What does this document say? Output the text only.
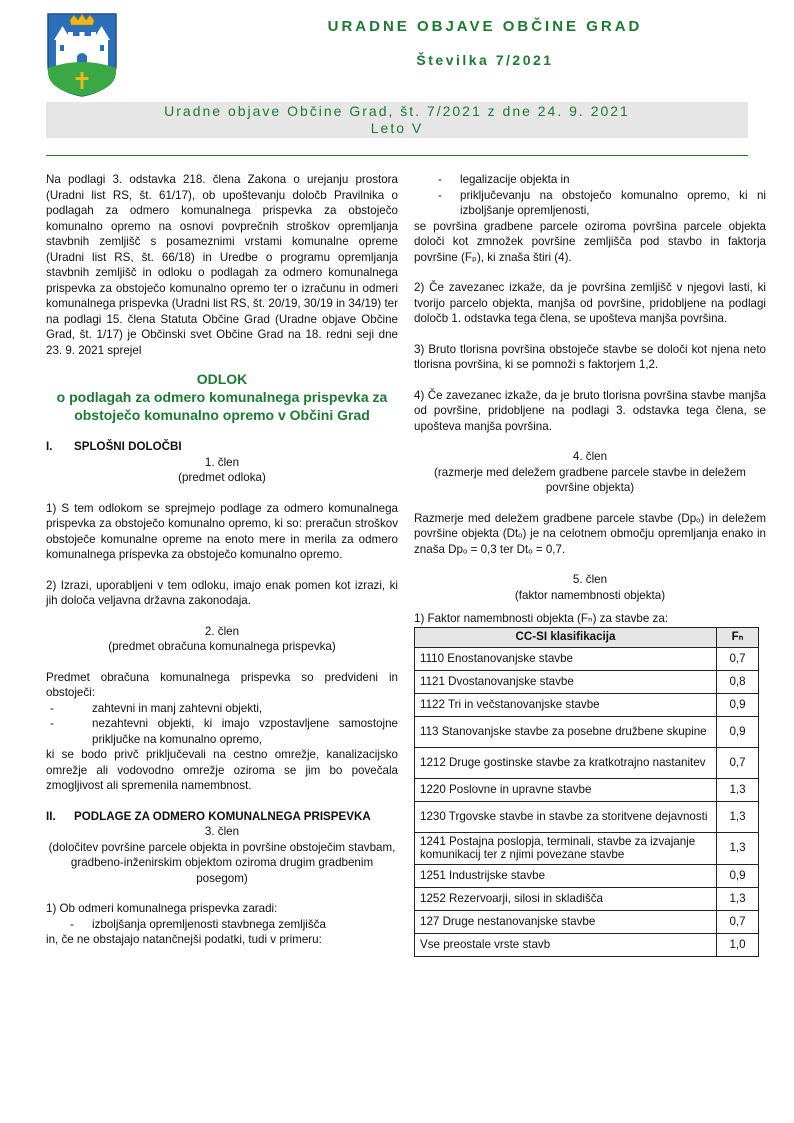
URADNE OBJAVE OBČINE GRAD
Številka 7/2021
Uradne objave Občine Grad, št. 7/2021 z dne 24. 9. 2021
Leto V

Na podlagi 3. odstavka 218. člena Zakona o urejanju prostora (Uradni list RS, št. 61/17), ob upoštevanju določb Pravilnika o podlagah za odmero komunalnega prispevka za obstoječo komunalno opremo na osnovi povprečnih stroškov opremljanja stavbnih zemljišč s posameznimi vrstami komunalne opreme (Uradni list RS, št. 66/18) in Uredbe o programu opremljanja stavbnih zemljišč in odloku o podlagah za odmero komunalnega prispevka za obstoječo komunalno opremo ter o izračunu in odmeri komunalnega prispevka (Uradni list RS, št. 20/19, 30/19 in 34/19) ter na podlagi 15. člena Statuta Občine Grad (Uradne objave Občine Grad, št. 1/17) je Občinski svet Občine Grad na 18. redni seji dne 23. 9. 2021 sprejel

ODLOK
o podlagah za odmero komunalnega prispevka za obstoječo komunalno opremo v Občini Grad
I.	SPLOŠNI DOLOČBI

1. člen

(predmet odloka)

1) S tem odlokom se sprejmejo podlage za odmero komunalnega prispevka za obstoječo komunalno opremo, ki so: preračun stroškov obstoječe komunalne opreme na enoto mere in merila za odmero komunalnega prispevka za obstoječo komunalno opremo.

2) Izrazi, uporabljeni v tem odloku, imajo enak pomen kot izrazi, ki jih določa veljavna državna zakonodaja.

2. člen

(predmet obračuna komunalnega prispevka)

Predmet obračuna komunalnega prispevka so predvideni in obstoječi:

-	zahtevni in manj zahtevni objekti,
-	nezahtevni objekti, ki imajo vzpostavljene samostojne priključke na komunalno opremo,

ki se bodo privč priključevali na cestno omrežje, kanalizacijsko omrežje ali vodovodno omrežje oziroma se jim bo povečala zmogljivost ali spremenila namembnost.

II.	PODLAGE ZA ODMERO KOMUNALNEGA PRISPEVKA

3. člen

(določitev površine parcele objekta in površine obstoječim stavbam, gradbeno-inženirskim objektom oziroma drugim gradbenim posegom)

1) Ob odmeri komunalnega prispevka zaradi:

-	izboljšanja opremljenosti stavbnega zemljišča

in, če ne obstajajo natančnejši podatki, tudi v primeru:

-	legalizacije objekta in
-	priključevanju na obstoječo komunalno opremo, ki ni izboljšanje opremljenosti,

se površina gradbene parcele oziroma površina parcele objekta določi kot zmnožek površine zemljišča pod stavbo in faktorja površine (Fₚ), ki znaša štiri (4).

2) Če zavezanec izkaže, da je površina zemljišč v njegovi lasti, ki tvorijo parcelo objekta, manjša od površine, pridobljene na podlagi določb 1. odstavka tega člena, se upošteva manjša površina.

3) Bruto tlorisna površina obstoječe stavbe se določi kot njena neto tlorisna površina, ki se pomnoži s faktorjem 1,2.

4) Če zavezanec izkaže, da je bruto tlorisna površina stavbe manjša od površine, pridobljene na podlagi 3. odstavka tega člena, se upošteva manjša površina.

4. člen

(razmerje med deležem gradbene parcele stavbe in deležem površine objekta)

Razmerje med deležem gradbene parcele stavbe (Dpₒ) in deležem površine objekta (Dtₒ) je na celotnem območju opremljanja enako in znaša Dpₒ = 0,3 ter Dtₒ = 0,7.

5. člen

(faktor namembnosti objekta)

1) Faktor namembnosti objekta (Fₙ) za stavbe za:

CC-SI klasifikacija	Fₙ
1110 Enostanovanjske stavbe	0,7
1121 Dvostanovanjske stavbe	0,8
1122 Tri in večstanovanjske stavbe	0,9
113 Stanovanjske stavbe za posebne družbene skupine	0,9
1212 Druge gostinske stavbe za kratkotrajno nastanitev	0,7
1220 Poslovne in upravne stavbe	1,3
1230 Trgovske stavbe in stavbe za storitvene dejavnosti	1,3
1241 Postajna poslopja, terminali, stavbe za izvajanje komunikacij ter z njimi povezane stavbe	1,3
1251 Industrijske stavbe	0,9
1252 Rezervoarji, silosi in skladišča	1,3
127 Druge nestanovanjske stavbe	0,7
Vse preostale vrste stavb	1,0
